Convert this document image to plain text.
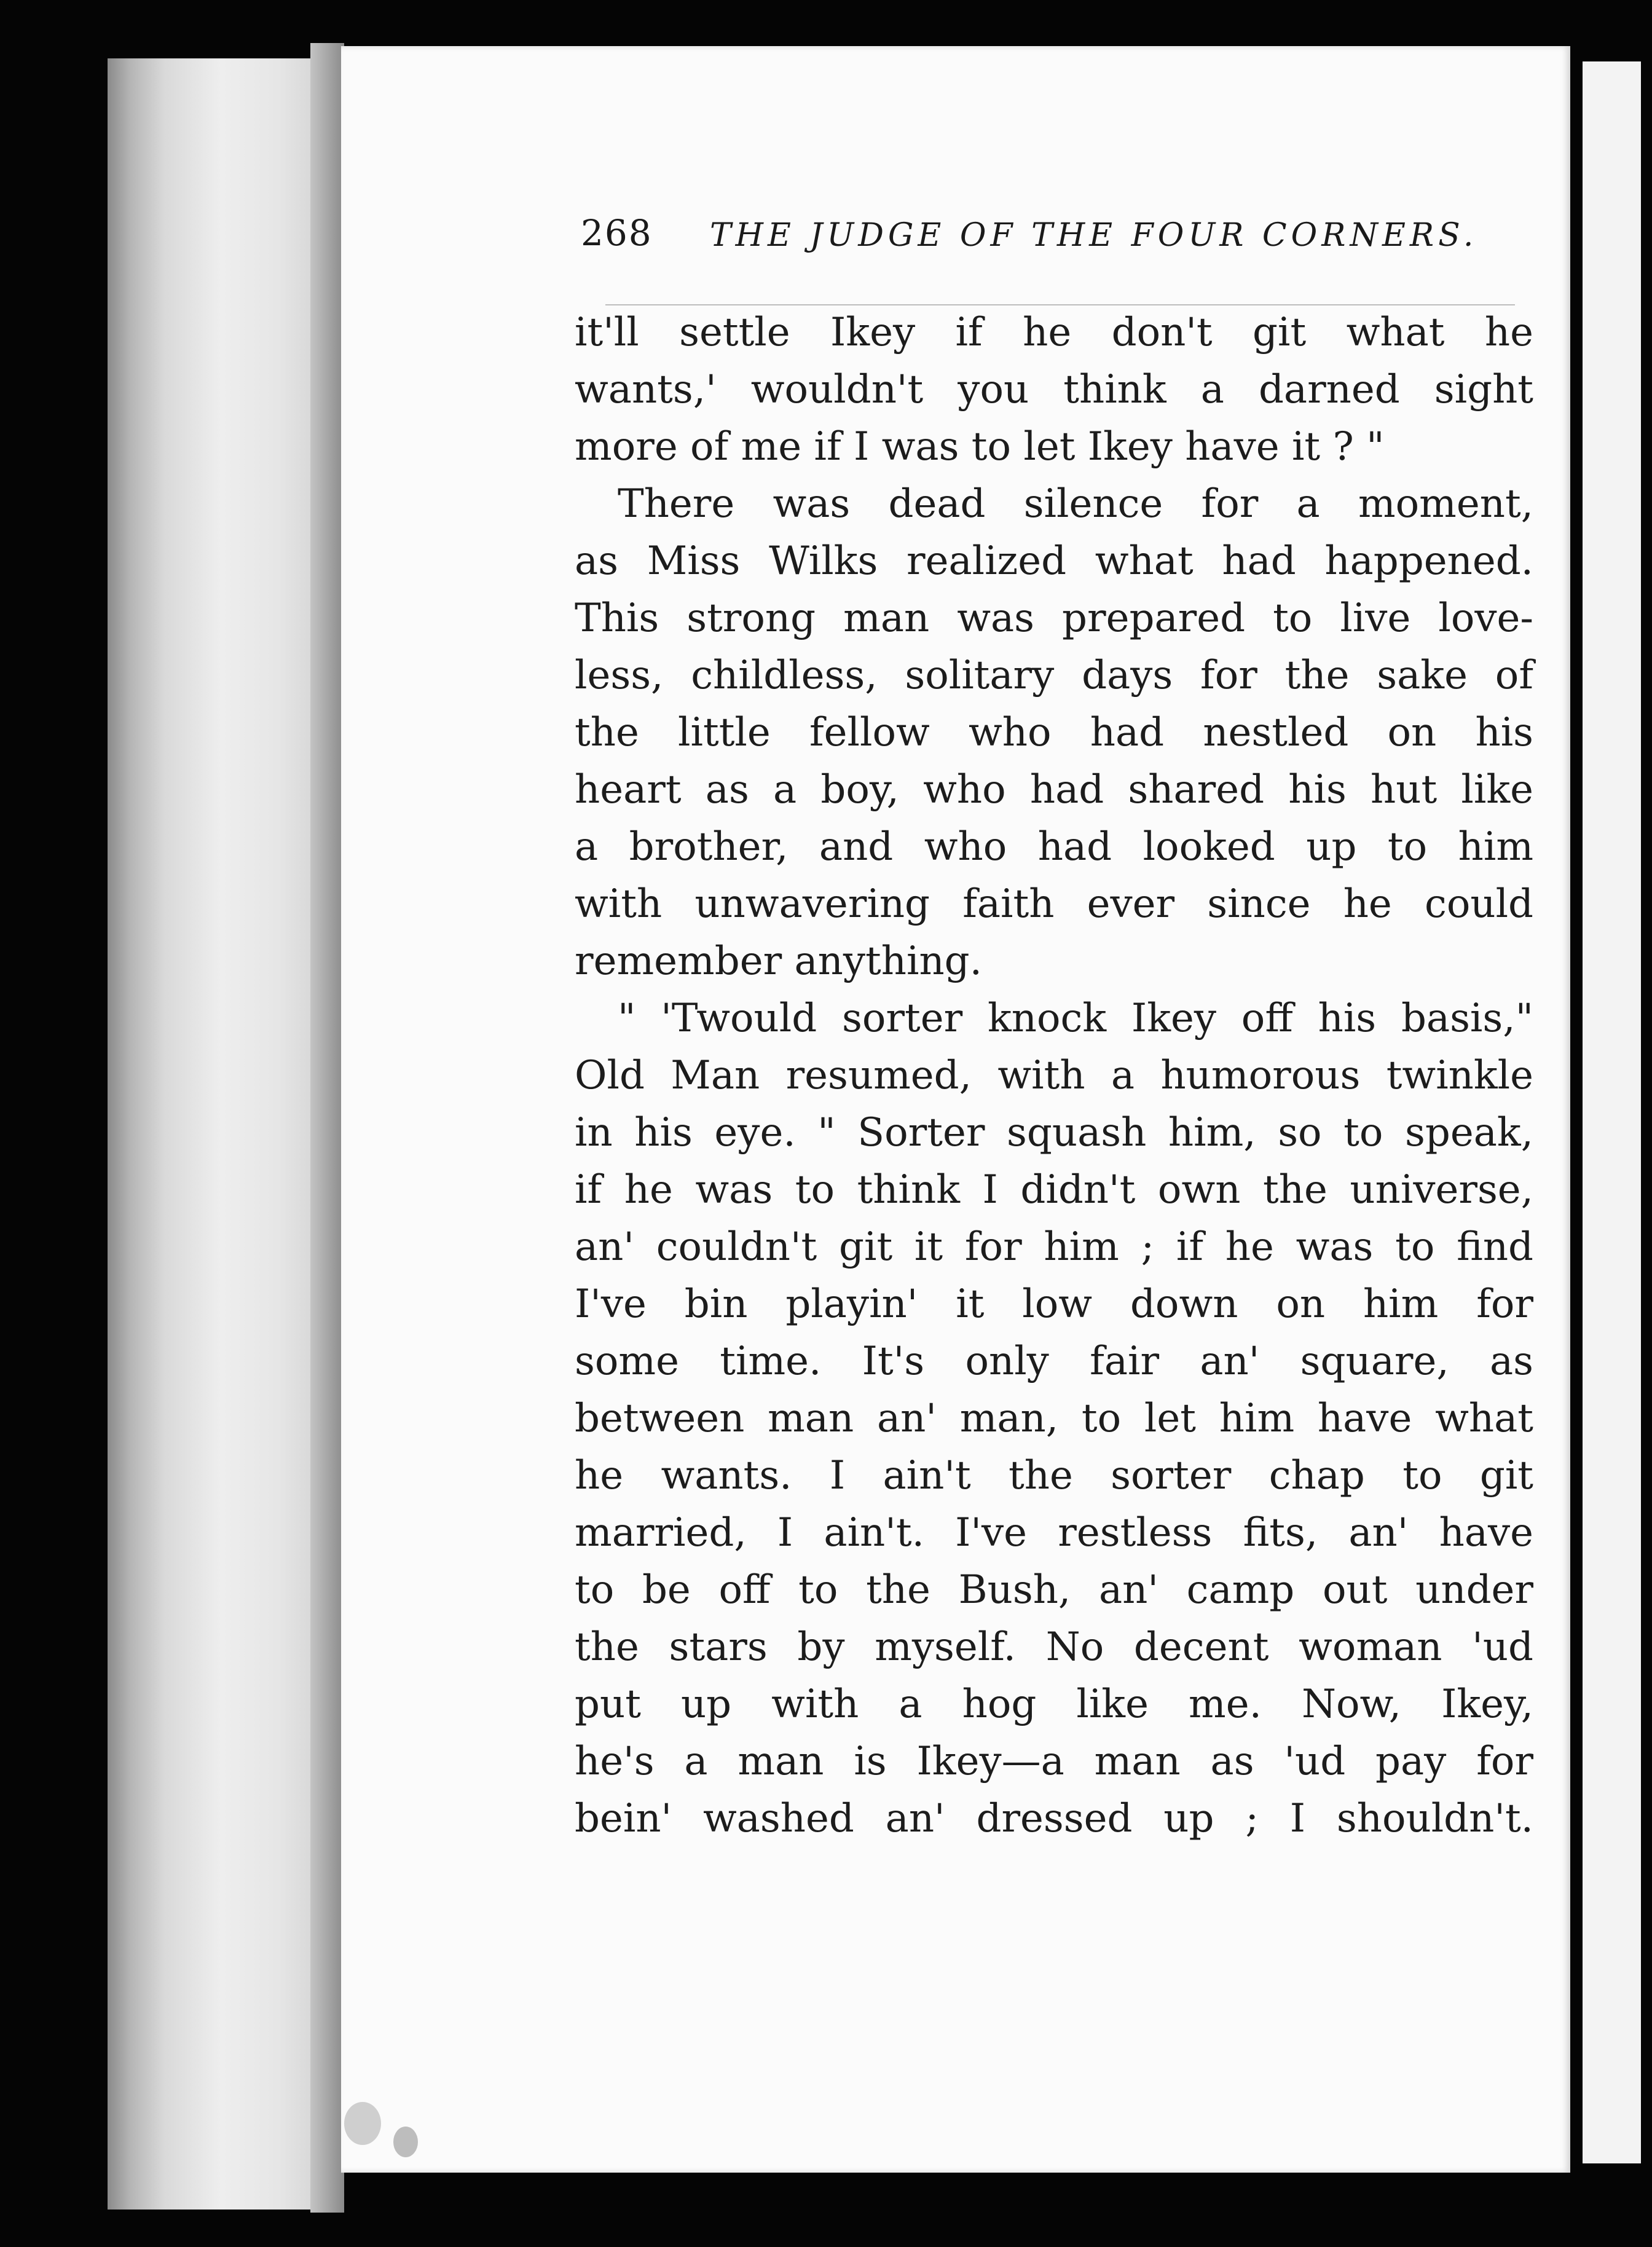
268 THE JUDGE OF THE FOUR CORNERS.
it'll settle Ikey if he don't git what he
wants,' wouldn't you think a darned sight
more of me if I was to let Ikey have it ? "
There was dead silence for a moment,
as Miss Wilks realized what had happened.
This strong man was prepared to live love-
less, childless, solitary days for the sake of
the little fellow who had nestled on his
heart as a boy, who had shared his hut like
a brother, and who had looked up to him
with unwavering faith ever since he could
remember anything.
" 'Twould sorter knock Ikey off his basis,"
Old Man resumed, with a humorous twinkle
in his eye. " Sorter squash him, so to speak,
if he was to think I didn't own the universe,
an' couldn't git it for him ; if he was to find
I've bin playin' it low down on him for
some time. It's only fair an' square, as
between man an' man, to let him have what
he wants. I ain't the sorter chap to git
married, I ain't. I've restless fits, an' have
to be off to the Bush, an' camp out under
the stars by myself. No decent woman 'ud
put up with a hog like me. Now, Ikey,
he's a man is Ikey—a man as 'ud pay for
bein' washed an' dressed up ; I shouldn't.
